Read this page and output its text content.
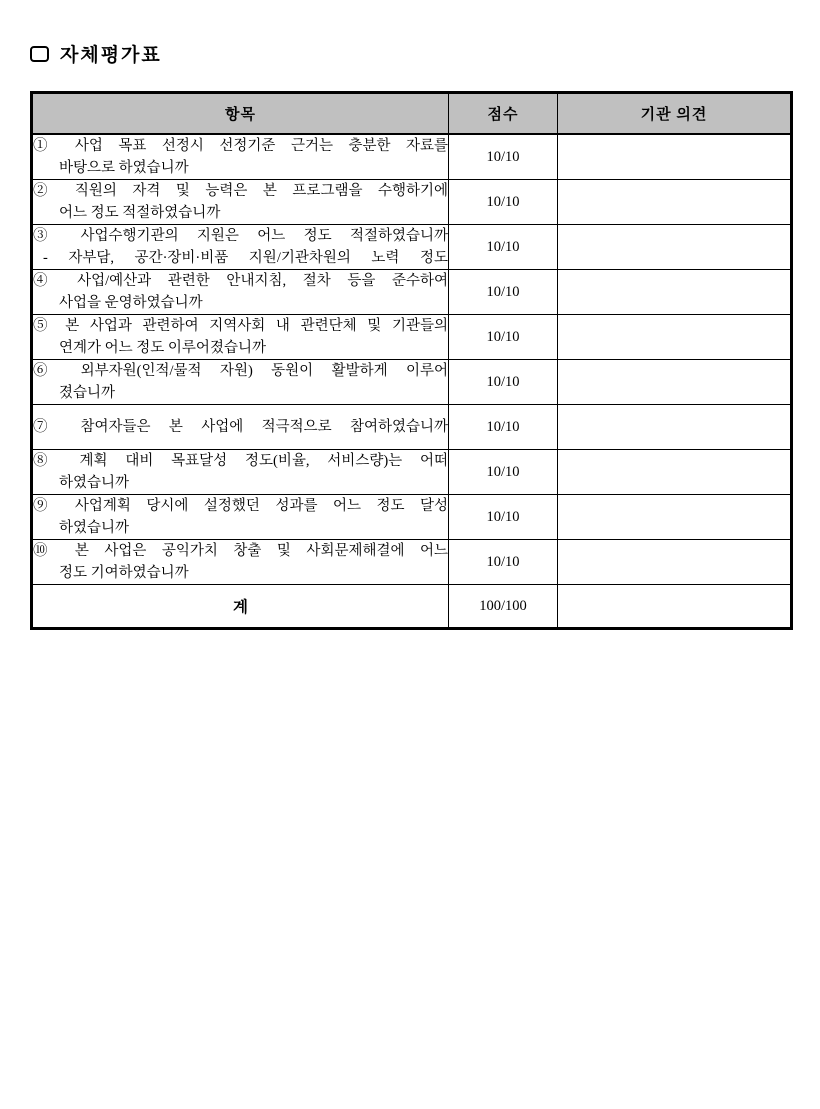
자체평가표
항목	점수	기관 의견

① 사업 목표 선정시 선정기준 근거는 충분한 자료를
바탕으로 하였습니까	10/10	

② 직원의 자격 및 능력은 본 프로그램을 수행하기에
어느 정도 적절하였습니까	10/10	

③ 사업수행기관의 지원은 어느 정도 적절하였습니까
- 자부담, 공간·장비·비품 지원/기관차원의 노력 정도	10/10	

④ 사업/예산과 관련한 안내지침, 절차 등을 준수하여
사업을 운영하였습니까	10/10	

⑤ 본 사업과 관련하여 지역사회 내 관련단체 및 기관들의
연계가 어느 정도 이루어졌습니까	10/10	

⑥ 외부자원(인적/물적 자원) 동원이 활발하게 이루어
졌습니까	10/10	

⑦ 참여자들은 본 사업에 적극적으로 참여하였습니까	10/10	

⑧ 계획 대비 목표달성 정도(비율, 서비스량)는 어떠
하였습니까	10/10	

⑨ 사업계획 당시에 설정했던 성과를 어느 정도 달성
하였습니까	10/10	

⑩ 본 사업은 공익가치 창출 및 사회문제해결에 어느
정도 기여하였습니까	10/10	
계	100/100	
